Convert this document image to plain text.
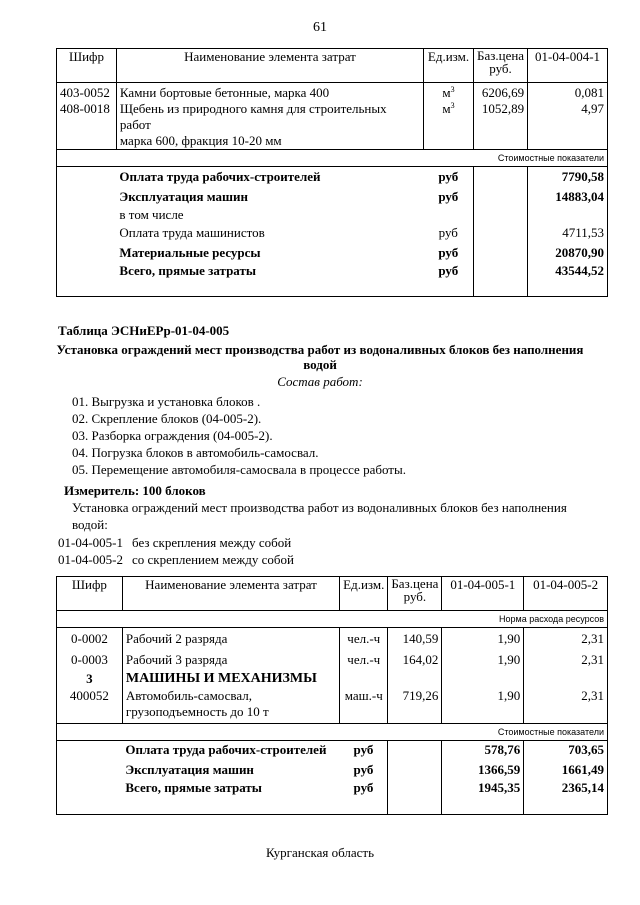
61
Шифр	Наименование элемента затрат	Ед.изм.	Баз.цена руб.	01-04-004-1
403-0052	Камни бортовые бетонные, марка 400	$м^3$	6206,69	0,081
408-0018	Щебень из природного камня для строительных работ
марка 600, фракция 10-20 мм	$м^3$	1052,89	4,97
Стоимостные показатели				
	Оплата труда рабочих-строителей	руб		7790,58
	Эксплуатация машин	руб		14883,04
	в том числе			
	Оплата труда машинистов	руб		4711,53
	Материальные ресурсы	руб		20870,90
	Всего, прямые затраты	руб		43544,52
Таблица ЭСНиЕРр-01-04-005
Установка ограждений мест производства работ из водоналивных блоков без наполнения
водой
Состав работ:
01. Выгрузка и установка блоков .
02. Скрепление блоков (04-005-2).
03. Разборка ограждения (04-005-2).
04. Погрузка блоков в автомобиль-самосвал.
05. Перемещение автомобиля-самосвала в процессе работы.
Измеритель: 100 блоков
Установка ограждений мест производства работ из водоналивных блоков без наполнения
водой:
01-04-005-1 без скрепления между собой
01-04-005-2 со скреплением между собой
Шифр	Наименование элемента затрат	Ед.изм.	Баз.цена руб.	01-04-005-1	01-04-005-2
Норма расхода ресурсов					
0-0002	Рабочий 2 разряда	чел.-ч	140,59	1,90	2,31
0-0003	Рабочий 3 разряда	чел.-ч	164,02	1,90	2,31
3	МАШИНЫ И МЕХАНИЗМЫ				
400052	Автомобиль-самосвал,
грузоподъемность до 10 т	маш.-ч	719,26	1,90	2,31
Стоимостные показатели					
	Оплата труда рабочих-строителей	руб		578,76	703,65
	Эксплуатация машин	руб		1366,59	1661,49
	Всего, прямые затраты	руб		1945,35	2365,14
Курганская область
